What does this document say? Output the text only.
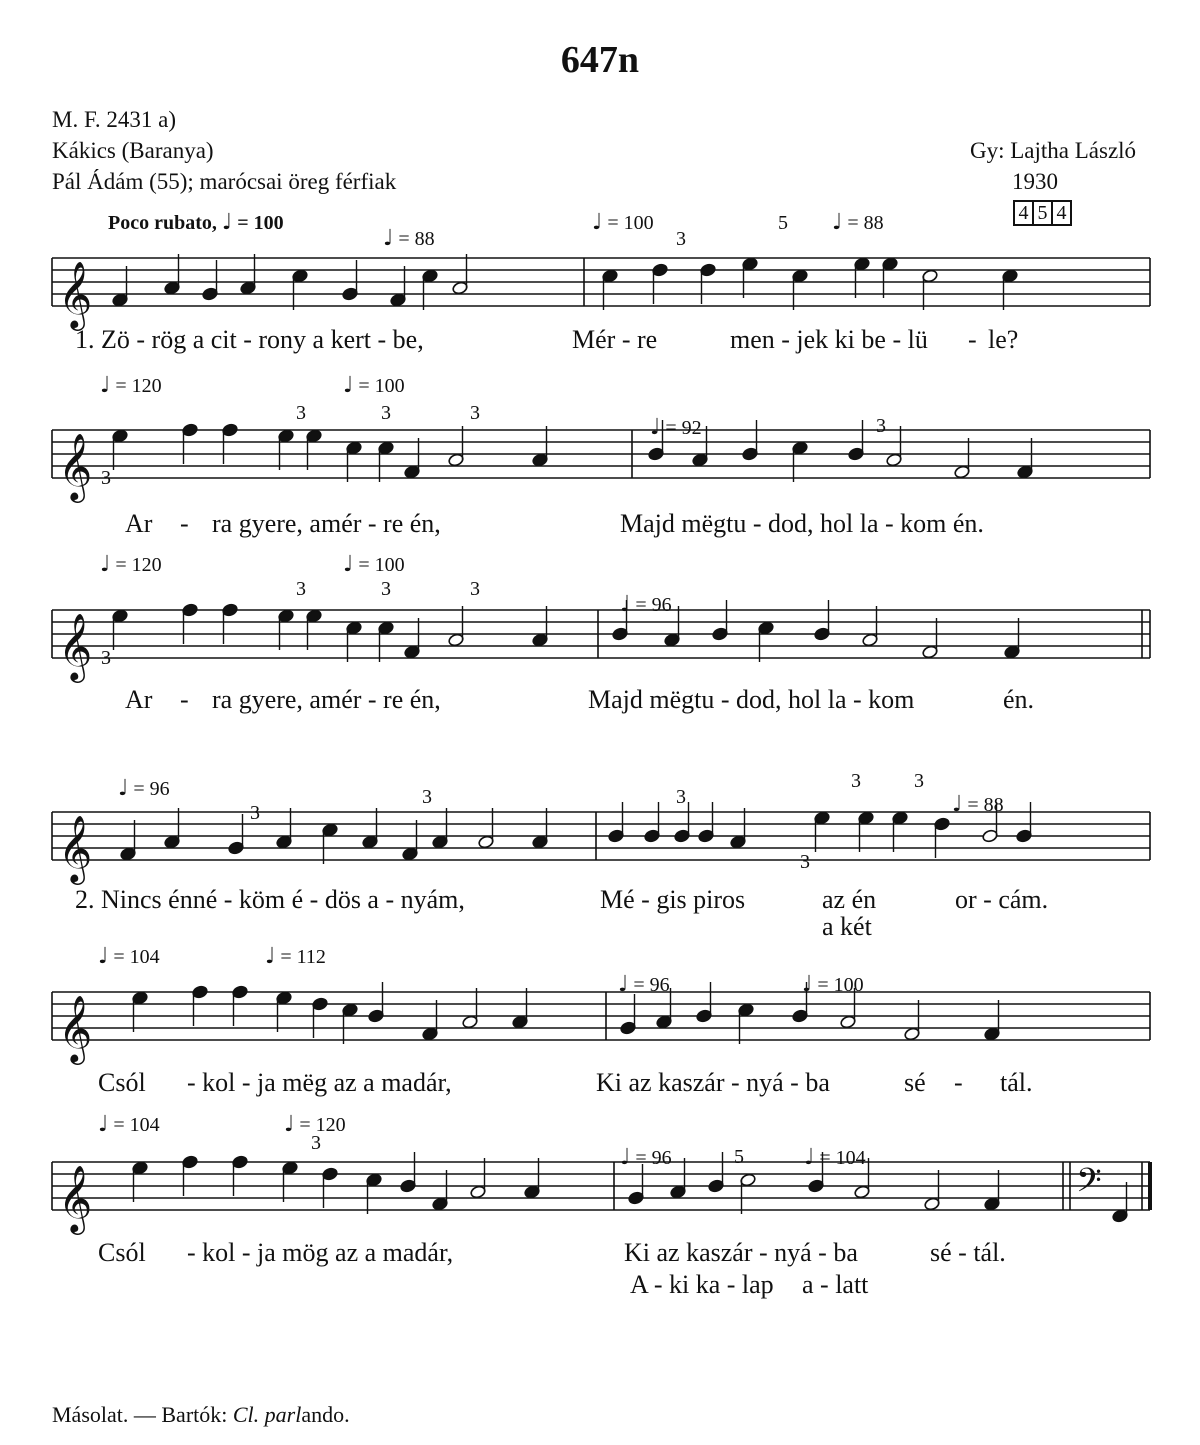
647n
M. F. 2431 a)
Kákics (Baranya)
Pál Ádám (55); marócsai öreg férfiak
Gy: Lajtha László
1930
4 5 4
𝄞
𝄞
𝄞
𝄞
𝄞
𝄞	𝄢
Poco rubato, ♩ = 100
♩ = 88
♩ = 100	♩ = 88
3
5
1. Zö - rög a cit - rony a kert - be,	Mér - re	men - jek ki be - lü - le?
♩ = 120	♩ = 100
♩ = 92
3	3	3
3
3
Ar - ra gyere, amér - re én,	Majd mëgtu - dod, hol la - kom én.
♩ = 120	♩ = 100
♩ = 96
3	3	3
3
Ar - ra gyere, amér - re én,	Majd mëgtu - dod, hol la - kom	én.
♩ = 96
♩ = 88
3
3	3
3	3
3
2. Nincs énné - köm é - dös a - nyám,	Mé - gis piros	az én
a két
or - cám.
♩ = 104	♩ = 112
♩ = 96	♩ = 100
Csól - kol - ja mëg az a madár,	Ki az kaszár - nyá - ba	sé - tál.
♩ = 104	♩ = 120
♩ = 96	♩ = 104
3
5
Csól - kol - ja mög az a madár,	Ki az kaszár - nyá - ba	sé - tál.
A - ki ka - lap a - latt
Másolat. — Bartók: Cl. parlando.
